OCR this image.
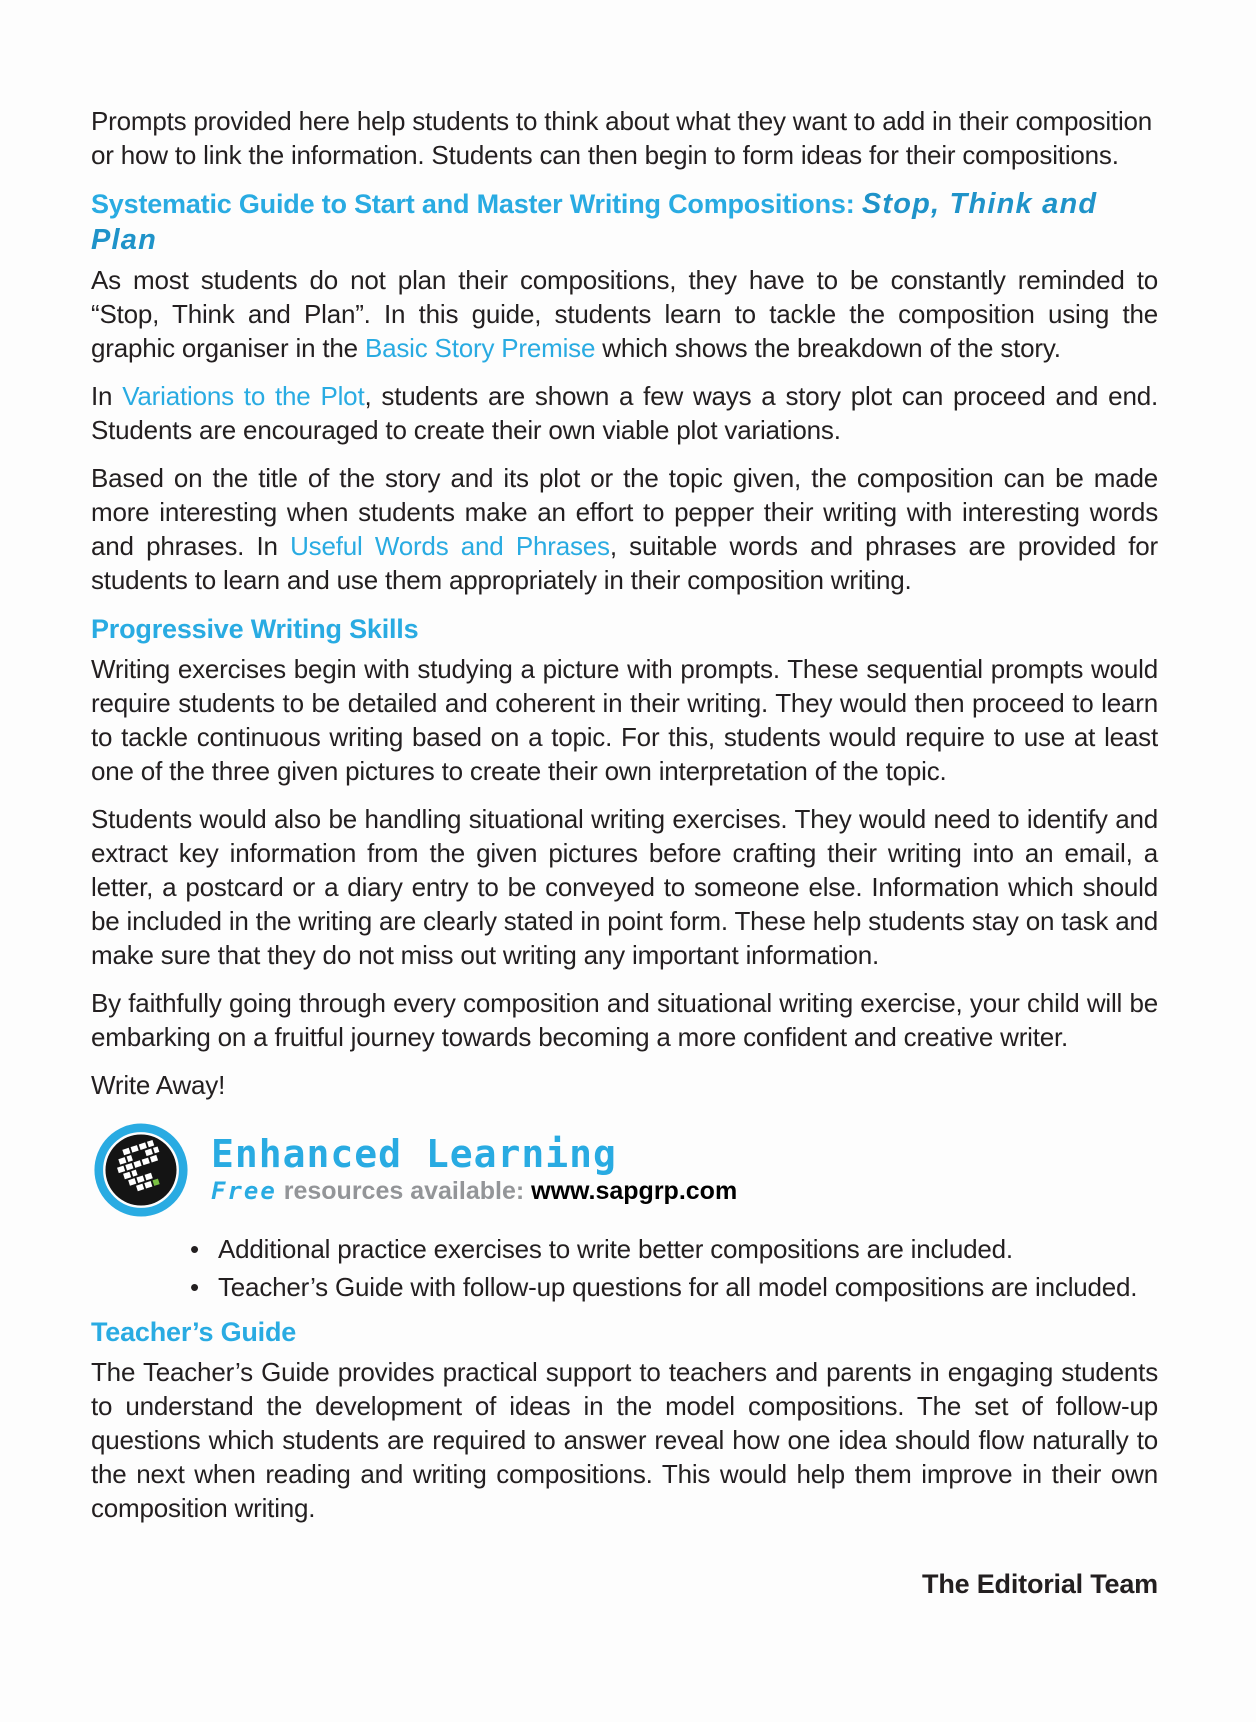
Prompts provided here help students to think about what they want to add in their composition or how to link the information. Students can then begin to form ideas for their compositions.

Systematic Guide to Start and Master Writing Compositions: Stop, Think and Plan

As most students do not plan their compositions, they have to be constantly reminded to “Stop, Think and Plan”. In this guide, students learn to tackle the composition using the graphic organiser in the Basic Story Premise which shows the breakdown of the story.

In Variations to the Plot, students are shown a few ways a story plot can proceed and end. Students are encouraged to create their own viable plot variations.

Based on the title of the story and its plot or the topic given, the composition can be made more interesting when students make an effort to pepper their writing with interesting words and phrases. In Useful Words and Phrases, suitable words and phrases are provided for students to learn and use them appropriately in their composition writing.

Progressive Writing Skills

Writing exercises begin with studying a picture with prompts. These sequential prompts would require students to be detailed and coherent in their writing. They would then proceed to learn to tackle continuous writing based on a topic. For this, students would require to use at least one of the three given pictures to create their own interpretation of the topic.

Students would also be handling situational writing exercises. They would need to identify and extract key information from the given pictures before crafting their writing into an email, a letter, a postcard or a diary entry to be conveyed to someone else. Information which should be included in the writing are clearly stated in point form. These help students stay on task and make sure that they do not miss out writing any important information.

By faithfully going through every composition and situational writing exercise, your child will be embarking on a fruitful journey towards becoming a more confident and creative writer.

Write Away!

Enhanced Learning
Free resources available: www.sapgrp.com
• Additional practice exercises to write better compositions are included.
• Teacher’s Guide with follow-up questions for all model compositions are included.
Teacher’s Guide

The Teacher’s Guide provides practical support to teachers and parents in engaging students to understand the development of ideas in the model compositions. The set of follow-up questions which students are required to answer reveal how one idea should flow naturally to the next when reading and writing compositions. This would help them improve in their own composition writing.

The Editorial Team
